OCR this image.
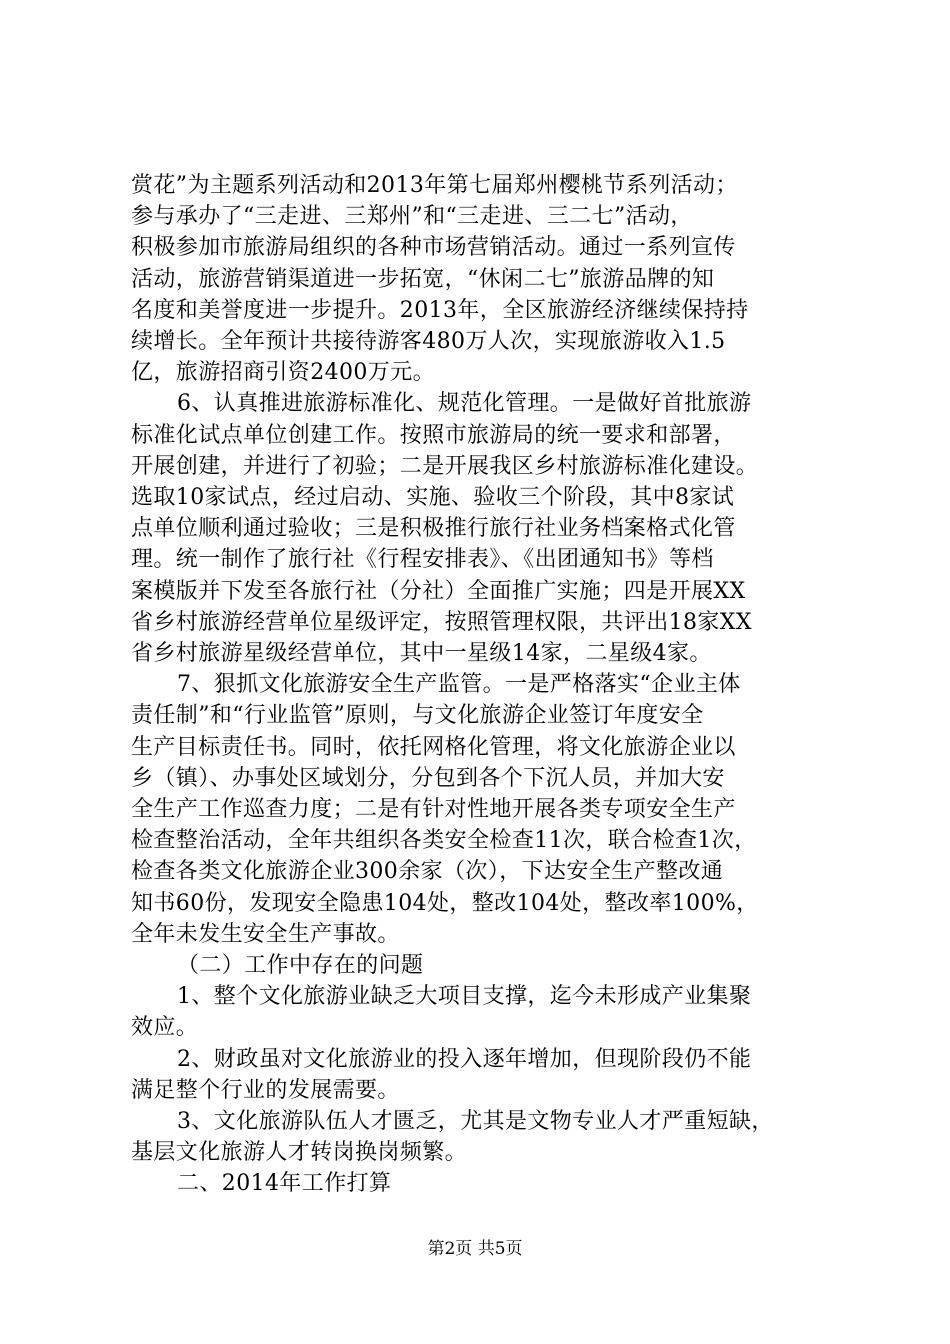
赏花”为主题系列活动和2013年第七届郑州樱桃节系列活动；
参与承办了“三走进、三郑州”和“三走进、三二七”活动，
积极参加市旅游局组织的各种市场营销活动。通过一系列宣传
活动，旅游营销渠道进一步拓宽，“休闲二七”旅游品牌的知
名度和美誉度进一步提升。2013年，全区旅游经济继续保持持
续增长。全年预计共接待游客480万人次，实现旅游收入1.5
亿，旅游招商引资2400万元。
6、认真推进旅游标准化、规范化管理。一是做好首批旅游
标准化试点单位创建工作。按照市旅游局的统一要求和部署，
开展创建，并进行了初验；二是开展我区乡村旅游标准化建设。
选取10家试点，经过启动、实施、验收三个阶段，其中8家试
点单位顺利通过验收；三是积极推行旅行社业务档案格式化管
理。统一制作了旅行社《行程安排表》、《出团通知书》等档
案模版并下发至各旅行社（分社）全面推广实施；四是开展XX
省乡村旅游经营单位星级评定，按照管理权限，共评出18家XX
省乡村旅游星级经营单位，其中一星级14家，二星级4家。
7、狠抓文化旅游安全生产监管。一是严格落实“企业主体
责任制”和“行业监管”原则，与文化旅游企业签订年度安全
生产目标责任书。同时，依托网格化管理，将文化旅游企业以
乡（镇）、办事处区域划分，分包到各个下沉人员，并加大安
全生产工作巡查力度；二是有针对性地开展各类专项安全生产
检查整治活动，全年共组织各类安全检查11次，联合检查1次，
检查各类文化旅游企业300余家（次），下达安全生产整改通
知书60份，发现安全隐患104处，整改104处，整改率100%，
全年未发生安全生产事故。
（二）工作中存在的问题
1、整个文化旅游业缺乏大项目支撑，迄今未形成产业集聚
效应。
2、财政虽对文化旅游业的投入逐年增加，但现阶段仍不能
满足整个行业的发展需要。
3、文化旅游队伍人才匮乏，尤其是文物专业人才严重短缺，
基层文化旅游人才转岗换岗频繁。
二、2014年工作打算
第2页 共5页
